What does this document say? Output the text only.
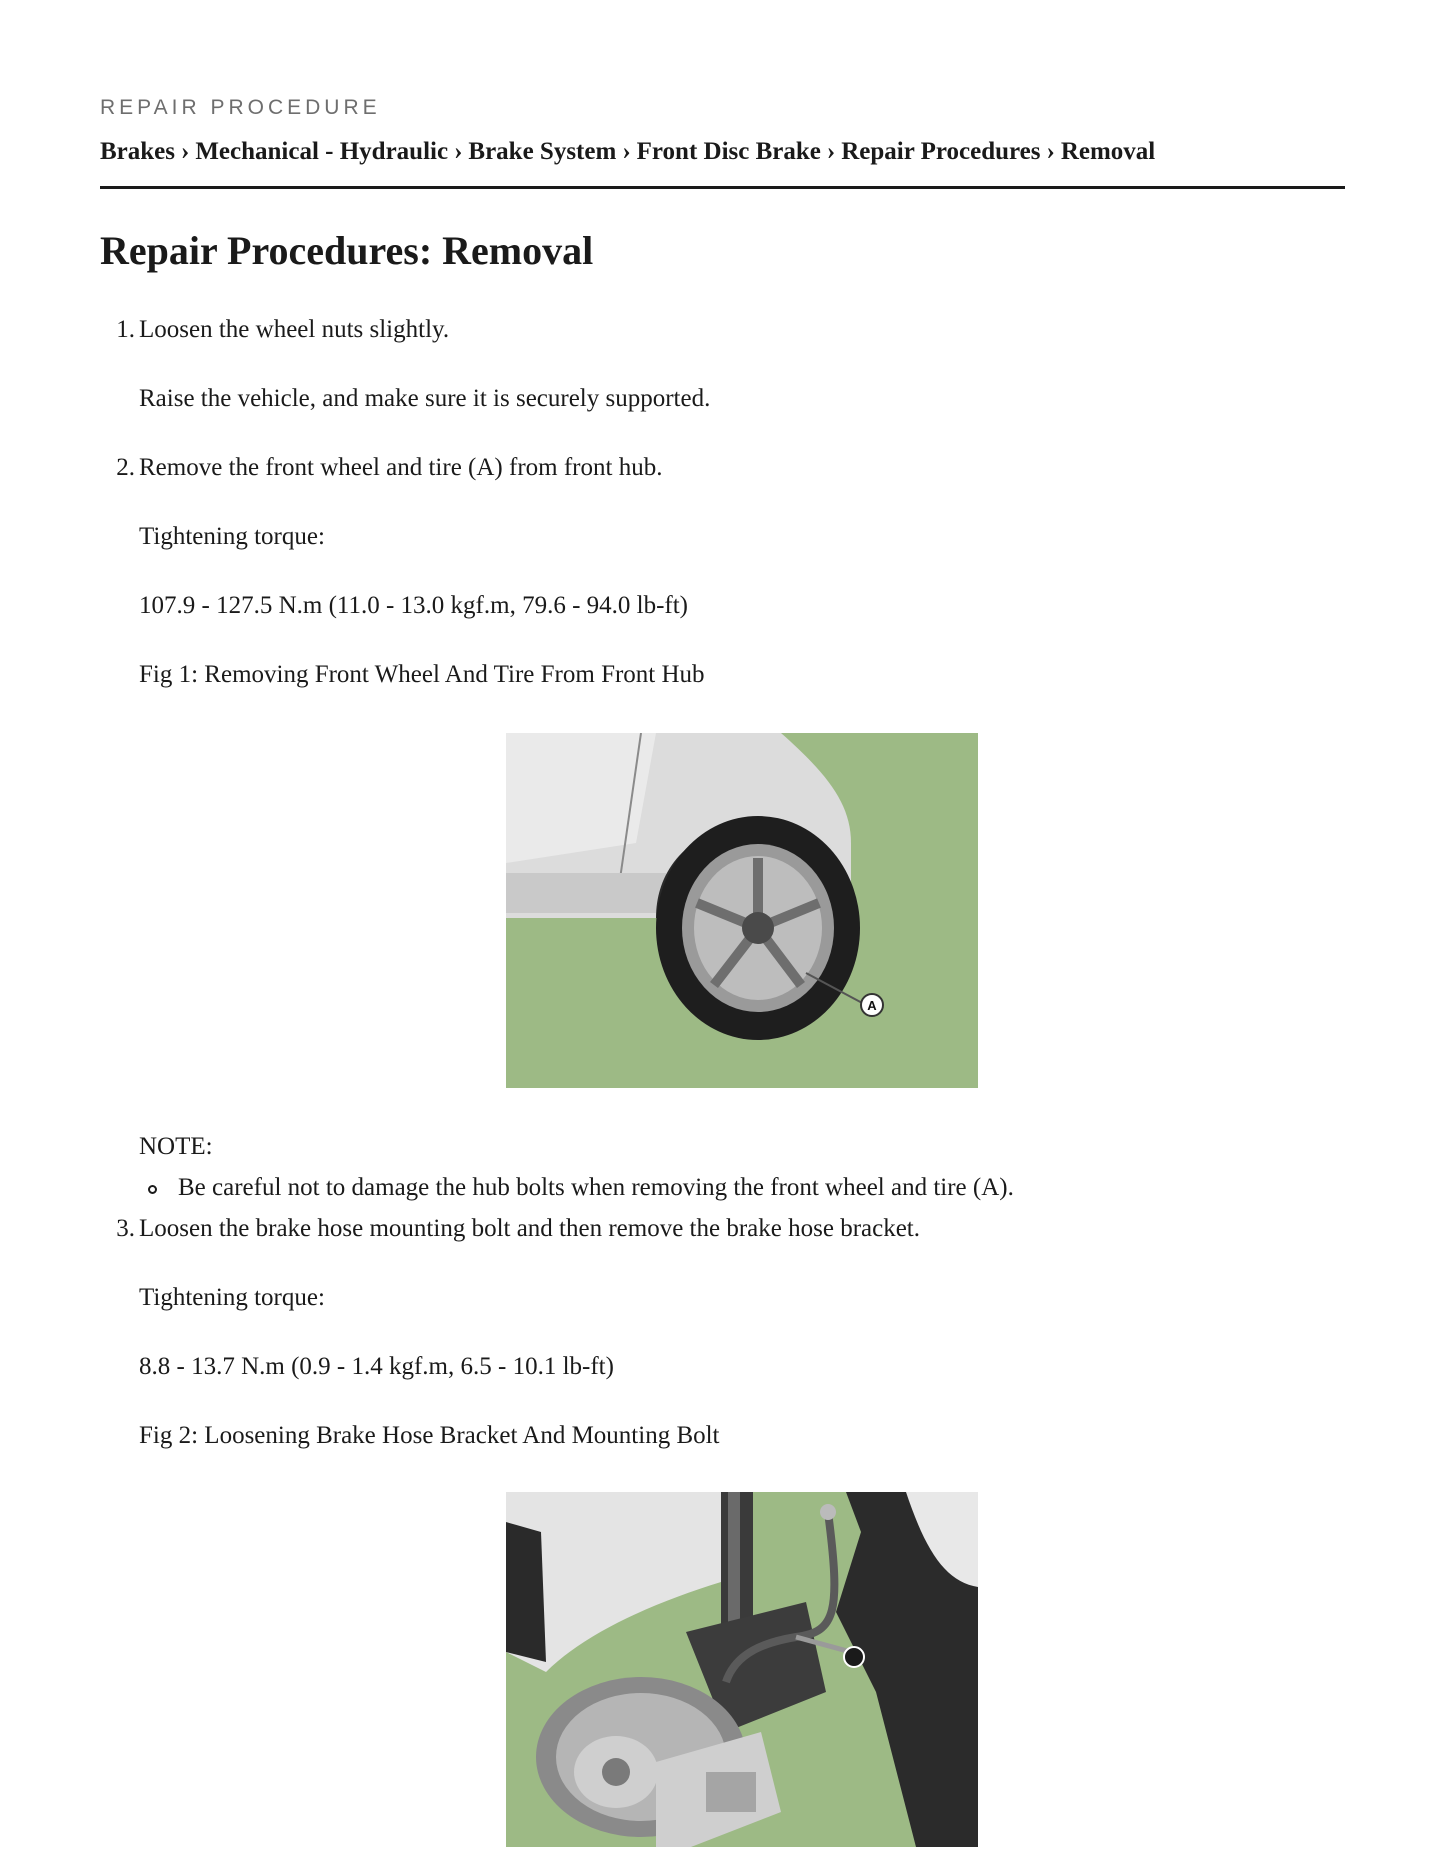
REPAIR PROCEDURE
Brakes › Mechanical - Hydraulic › Brake System › Front Disc Brake › Repair Procedures › Removal
Repair Procedures: Removal
1. Loosen the wheel nuts slightly.
Raise the vehicle, and make sure it is securely supported.
2. Remove the front wheel and tire (A) from front hub.
Tightening torque:
107.9 - 127.5 N.m (11.0 - 13.0 kgf.m, 79.6 - 94.0 lb-ft)
Fig 1: Removing Front Wheel And Tire From Front Hub
A
NOTE:
Be careful not to damage the hub bolts when removing the front wheel and tire (A).
3. Loosen the brake hose mounting bolt and then remove the brake hose bracket.
Tightening torque:
8.8 - 13.7 N.m (0.9 - 1.4 kgf.m, 6.5 - 10.1 lb-ft)
Fig 2: Loosening Brake Hose Bracket And Mounting Bolt
